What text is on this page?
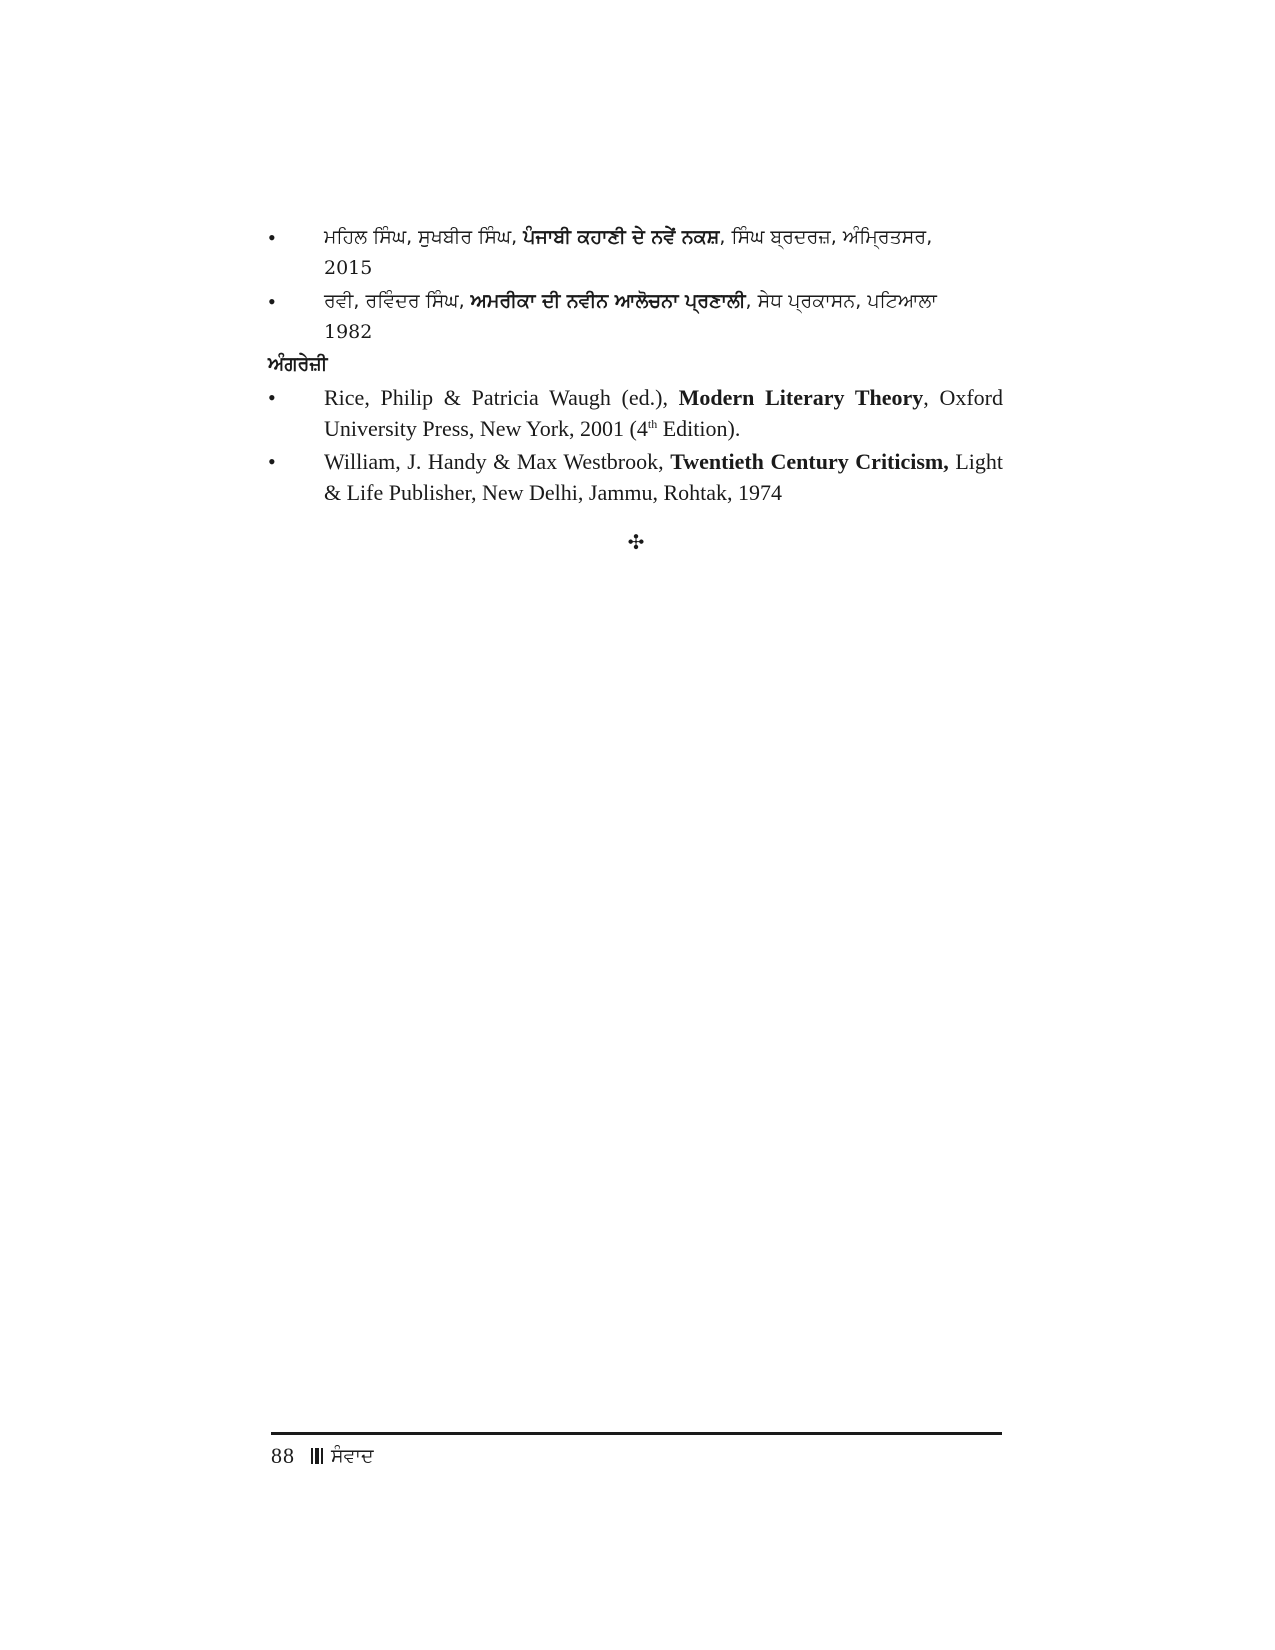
•	ਮਹਿਲ ਸਿੰਘ, ਸੁਖਬੀਰ ਸਿੰਘ, ਪੰਜਾਬੀ ਕਹਾਣੀ ਦੇ ਨਵੇਂ ਨਕਸ਼, ਸਿੰਘ ਬ੍ਰਦਰਜ਼, ਅੰਮ੍ਰਿਤਸਰ,
2015
•	ਰਵੀ, ਰਵਿੰਦਰ ਸਿੰਘ, ਅਮਰੀਕਾ ਦੀ ਨਵੀਨ ਆਲੋਚਨਾ ਪ੍ਰਣਾਲੀ, ਸੇਧ ਪ੍ਰਕਾਸਨ, ਪਟਿਆਲਾ
1982
ਅੰਗਰੇਜ਼ੀ
•	Rice, Philip & Patricia Waugh (ed.), Modern Literary Theory, Oxford University Press, New York, 2001 (4th Edition).
•	William, J. Handy & Max Westbrook, Twentieth Century Criticism, Light & Life Publisher, New Delhi, Jammu, Rohtak, 1974
✣
88 ਸੰਵਾਦ
